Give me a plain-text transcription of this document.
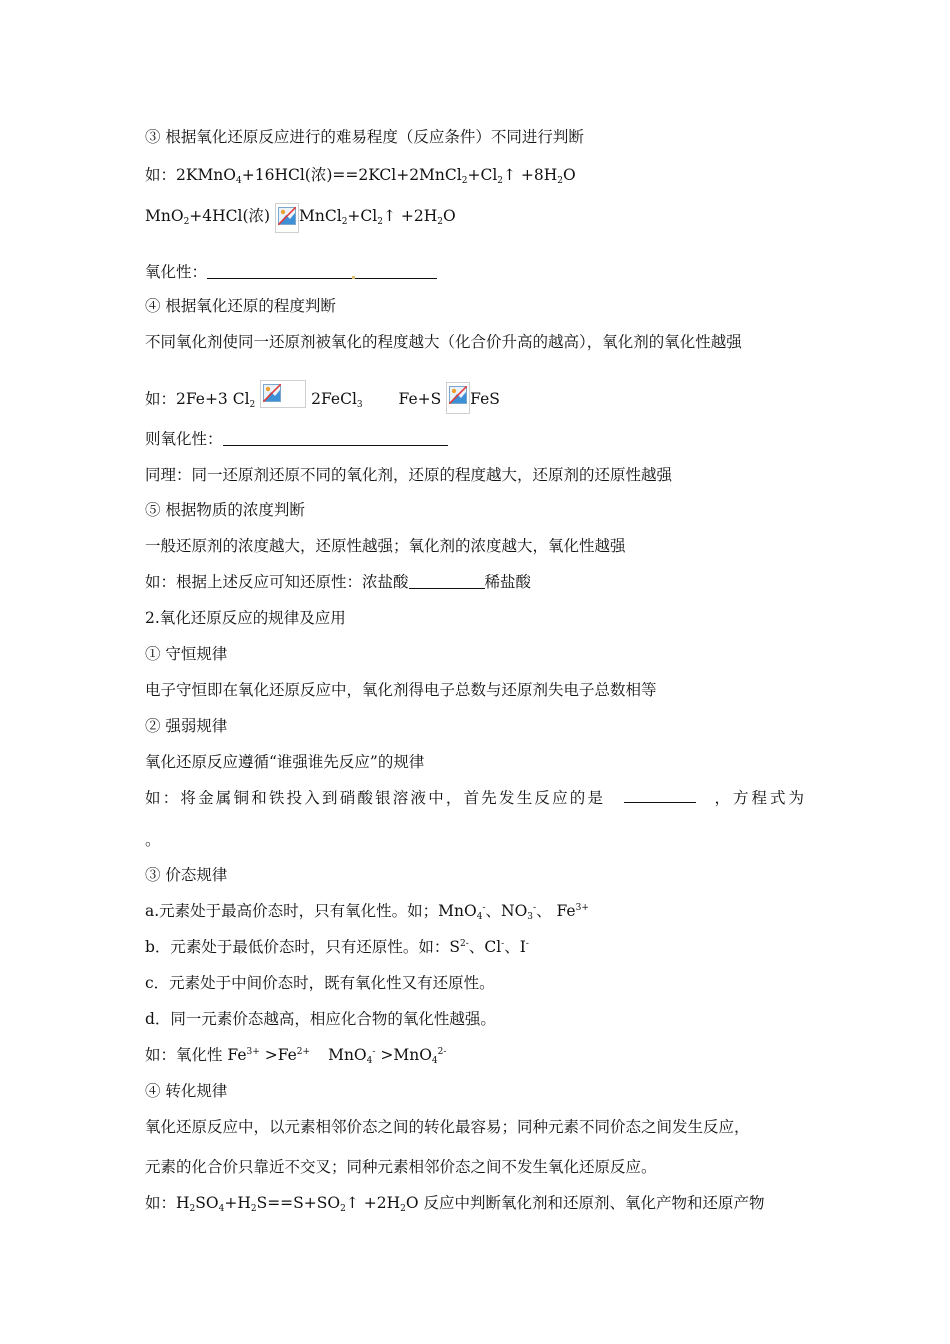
③ 根据氧化还原反应进行的难易程度（反应条件）不同进行判断
如：2KMnO$_4$+16HCl(浓)$==2KCl+2MnCl_2+Cl_2↑ +8H_2O$
MnO$_2$+4HCl(浓) $MnCl_2+Cl_2↑ +2H_2O$
氧化性：
④ 根据氧化还原的程度判断
不同氧化剂使同一还原剂被氧化的程度越大（化合价升高的越高），氧化剂的氧化性越强
如：2Fe+3 $Cl_2$	2FeCl$_3$ Fe+S FeS
则氧化性：
同理：同一还原剂还原不同的氧化剂，还原的程度越大，还原剂的还原性越强
⑤ 根据物质的浓度判断
一般还原剂的浓度越大，还原性越强；氧化剂的浓度越大，氧化性越强
如：根据上述反应可知还原性：浓盐酸	稀盐酸
2.氧化还原反应的规律及应用
① 守恒规律
电子守恒即在氧化还原反应中，氧化剂得电子总数与还原剂失电子总数相等
② 强弱规律
氧化还原反应遵循“谁强谁先反应”的规律
如：将金属铜和铁投入到硝酸银溶液中，首先发生反应的是	，方程式为
。
③ 价态规律
a.元素处于最高价态时，只有氧化性。如；MnO$_4$-、$NO_3^-$、 $Fe^{3+}$
b．元素处于最低价态时，只有还原性。如：$S^{2-}$、Cl-、I-
c．元素处于中间价态时，既有氧化性又有还原性。
d．同一元素价态越高，相应化合物的氧化性越强。
如：氧化性 $Fe^{3+} >Fe^{2+}$ MnO$_4$- >MnO$_4^{2-}$
④ 转化规律
氧化还原反应中，以元素相邻价态之间的转化最容易；同种元素不同价态之间发生反应，
元素的化合价只靠近不交叉；同种元素相邻价态之间不发生氧化还原反应。
如：$H_2SO_4+H_2S==S+SO_2↑ +2H_2O$ 反应中判断氧化剂和还原剂、氧化产物和还原产物
